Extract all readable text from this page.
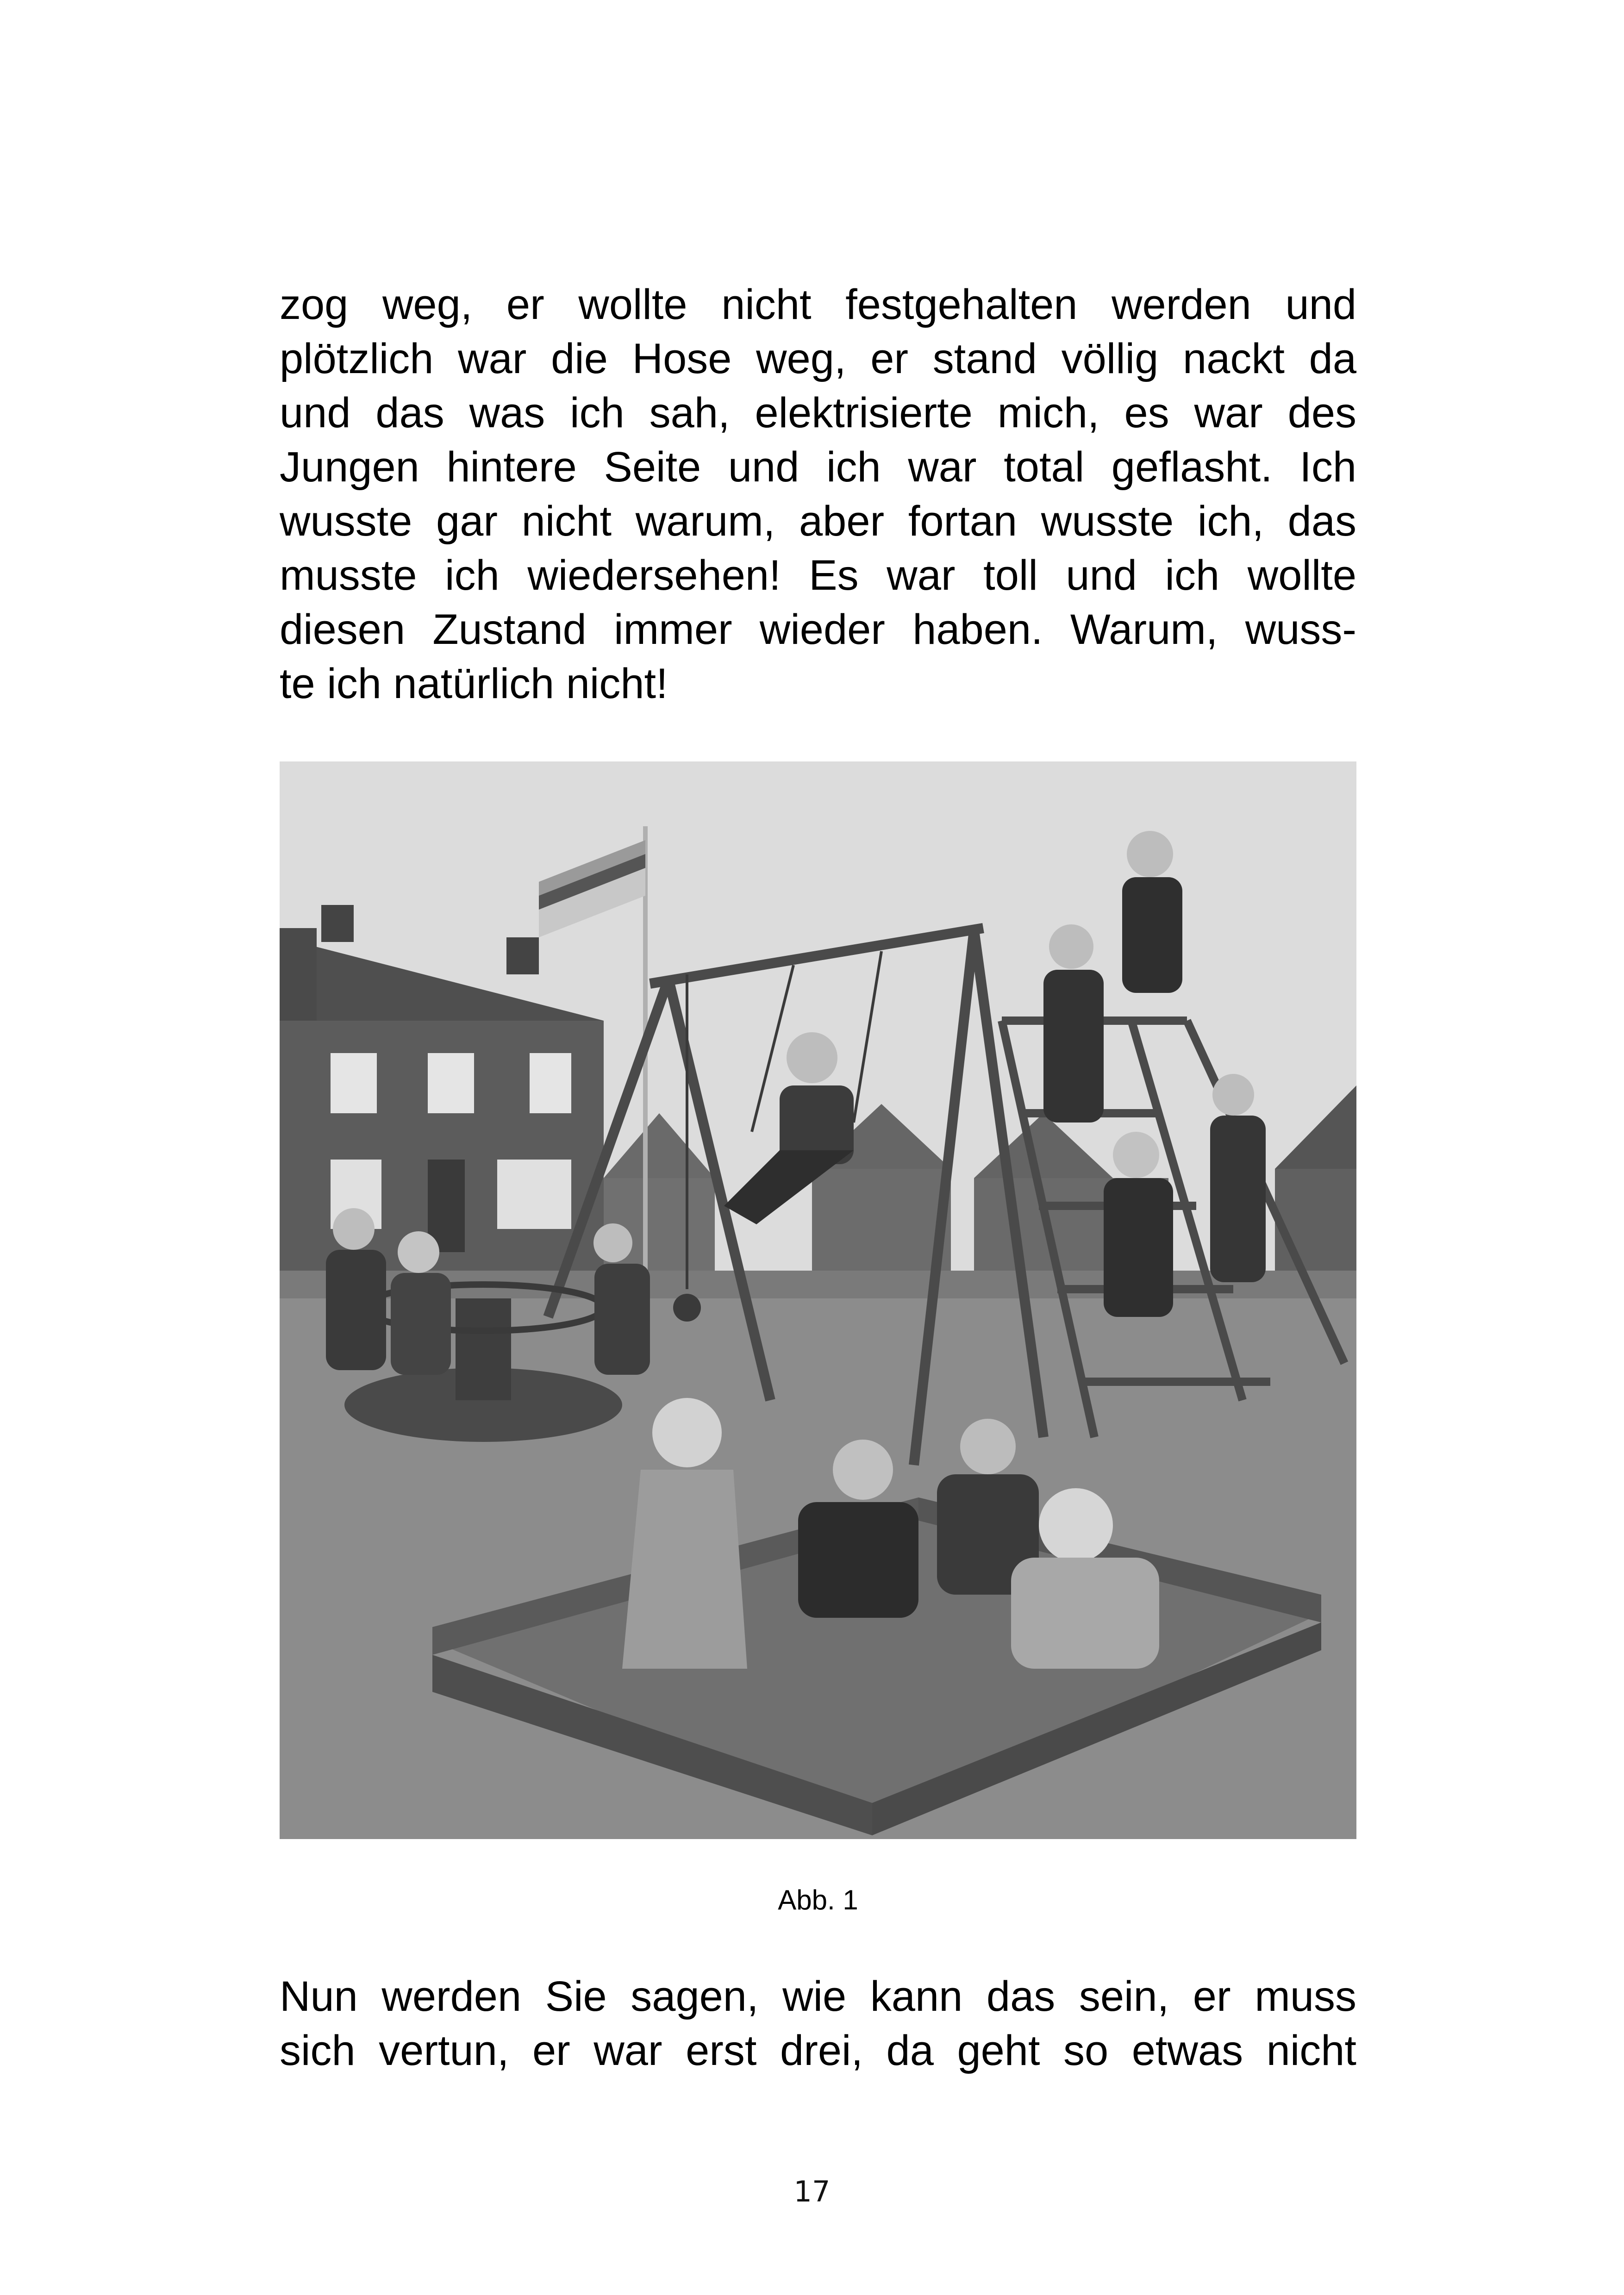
zog weg, er wollte nicht festgehalten werden und
plötzlich war die Hose weg, er stand völlig nackt da
und das was ich sah, elektrisierte mich, es war des
Jungen hintere Seite und ich war total geflasht. Ich
wusste gar nicht warum, aber fortan wusste ich, das
musste ich wiedersehen! Es war toll und ich wollte
diesen Zustand immer wieder haben. Warum, wuss-
te ich natürlich nicht!
Abb. 1
Nun werden Sie sagen, wie kann das sein, er muss
sich vertun, er war erst drei, da geht so etwas nicht
17
